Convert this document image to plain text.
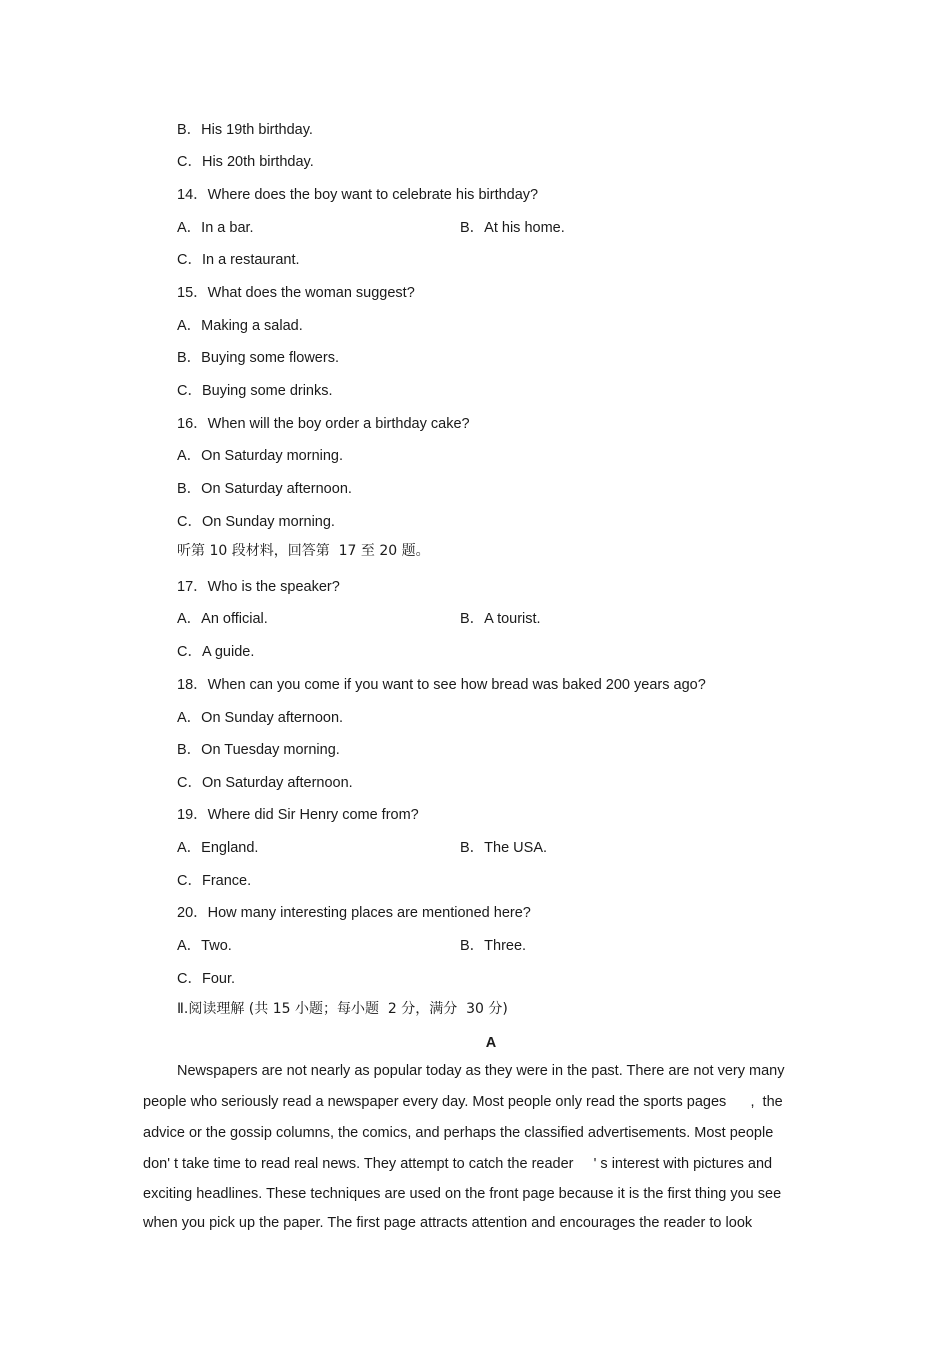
B．His 19th birthday.
C．His 20th birthday.
14．Where does the boy want to celebrate his birthday?
A．In a bar.	B．At his home.
C．In a restaurant.
15．What does the woman suggest?
A．Making a salad.
B．Buying some flowers.
C．Buying some drinks.
16．When will the boy order a birthday cake?
A．On Saturday morning.
B．On Saturday afternoon.
C．On Sunday morning.
听第 10 段材料，回答第  17 至 20 题。
17．Who is the speaker?
A．An official.	B．A tourist.
C．A guide.
18．When can you come if you want to see how bread was baked 200 years ago?
A．On Sunday afternoon.
B．On Tuesday morning.
C．On Saturday afternoon.
19．Where did Sir Henry come from?
A．England.	B．The USA.
C．France.
20．How many interesting places are mentioned here?
A．Two.	B．Three.
C．Four.
Ⅱ.阅读理解 (共 15 小题；每小题  2 分，满分  30 分)
A
Newspapers are not nearly as popular today as they were in the past. There are not very many
people who seriously read a newspaper every day. Most people only read the sports pages      ,  the
advice or the gossip columns, the comics, and perhaps the classified advertisements. Most people
don' t take time to read real news. They attempt to catch the reader     ' s interest with pictures and
exciting headlines. These techniques are used on the front page because it is the first thing you see
when you pick up the paper. The first page attracts attention and encourages the reader to look
